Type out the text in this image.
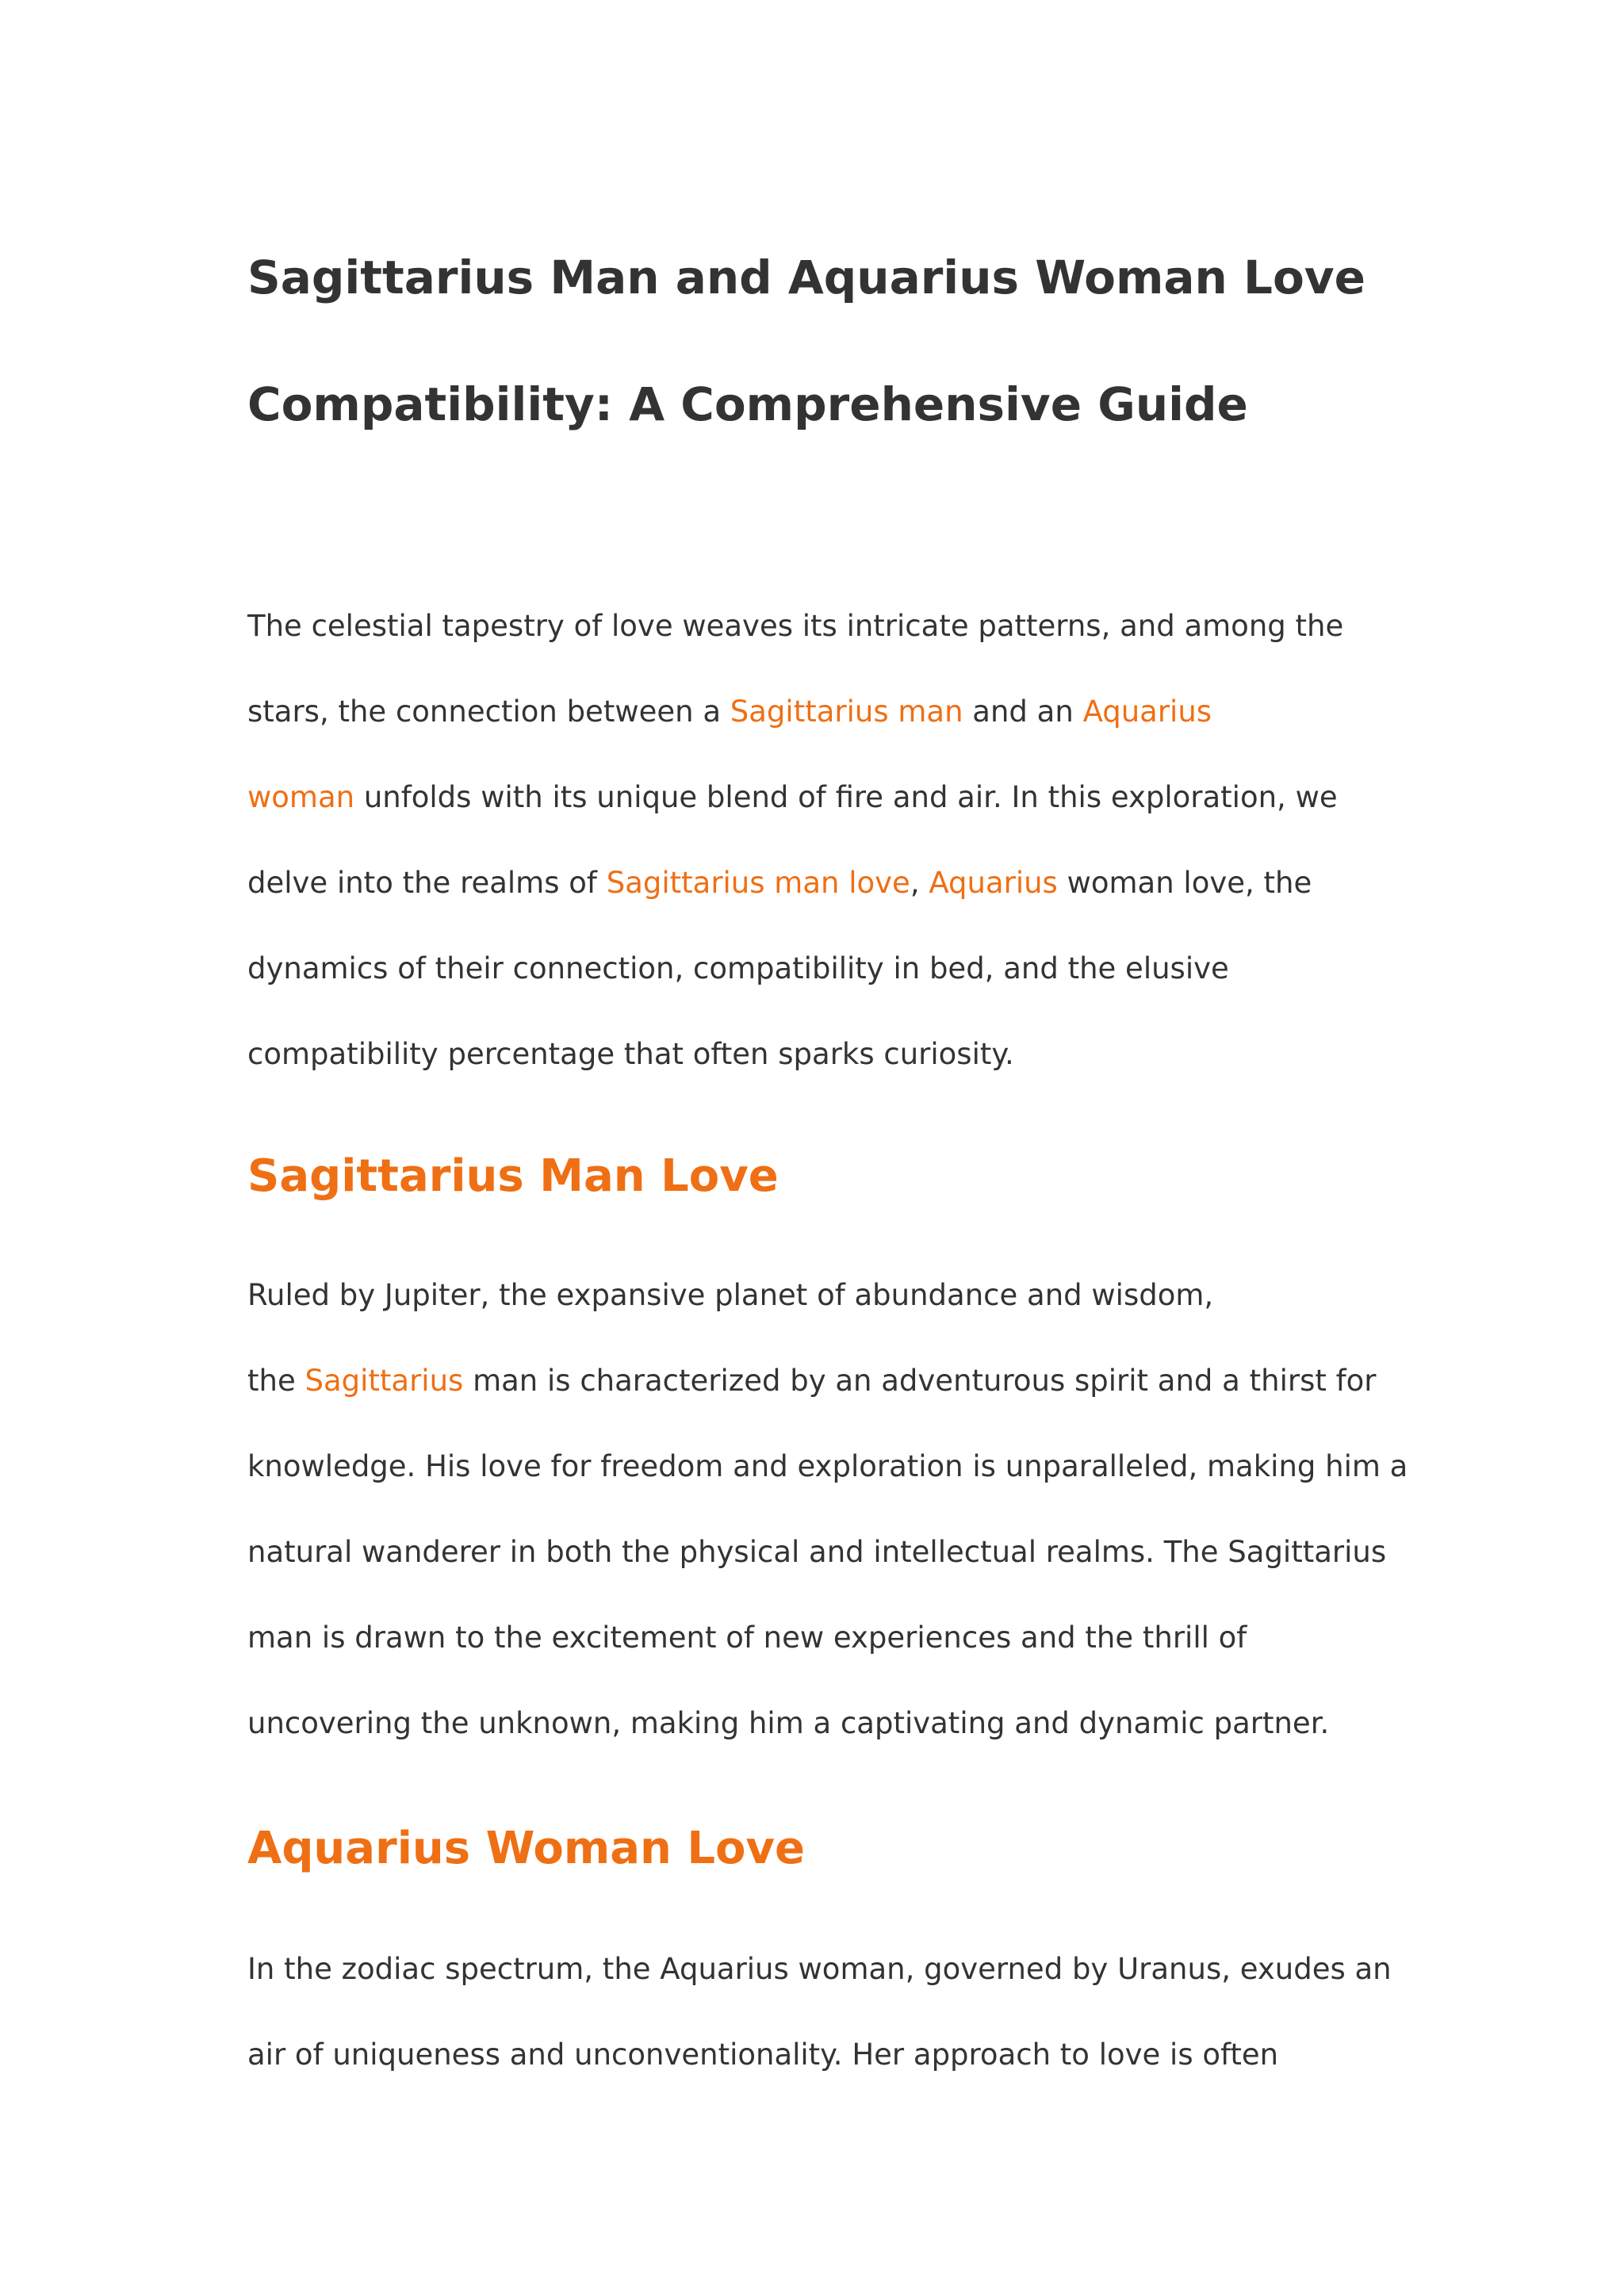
Sagittarius Man and Aquarius Woman Love
Compatibility: A Comprehensive Guide

The celestial tapestry of love weaves its intricate patterns, and among the
stars, the connection between a Sagittarius man and an Aquarius
woman unfolds with its unique blend of fire and air. In this exploration, we
delve into the realms of Sagittarius man love, Aquarius woman love, the
dynamics of their connection, compatibility in bed, and the elusive
compatibility percentage that often sparks curiosity.

Sagittarius Man Love

Ruled by Jupiter, the expansive planet of abundance and wisdom,
the Sagittarius man is characterized by an adventurous spirit and a thirst for
knowledge. His love for freedom and exploration is unparalleled, making him a
natural wanderer in both the physical and intellectual realms. The Sagittarius
man is drawn to the excitement of new experiences and the thrill of
uncovering the unknown, making him a captivating and dynamic partner.

Aquarius Woman Love

In the zodiac spectrum, the Aquarius woman, governed by Uranus, exudes an
air of uniqueness and unconventionality. Her approach to love is often
